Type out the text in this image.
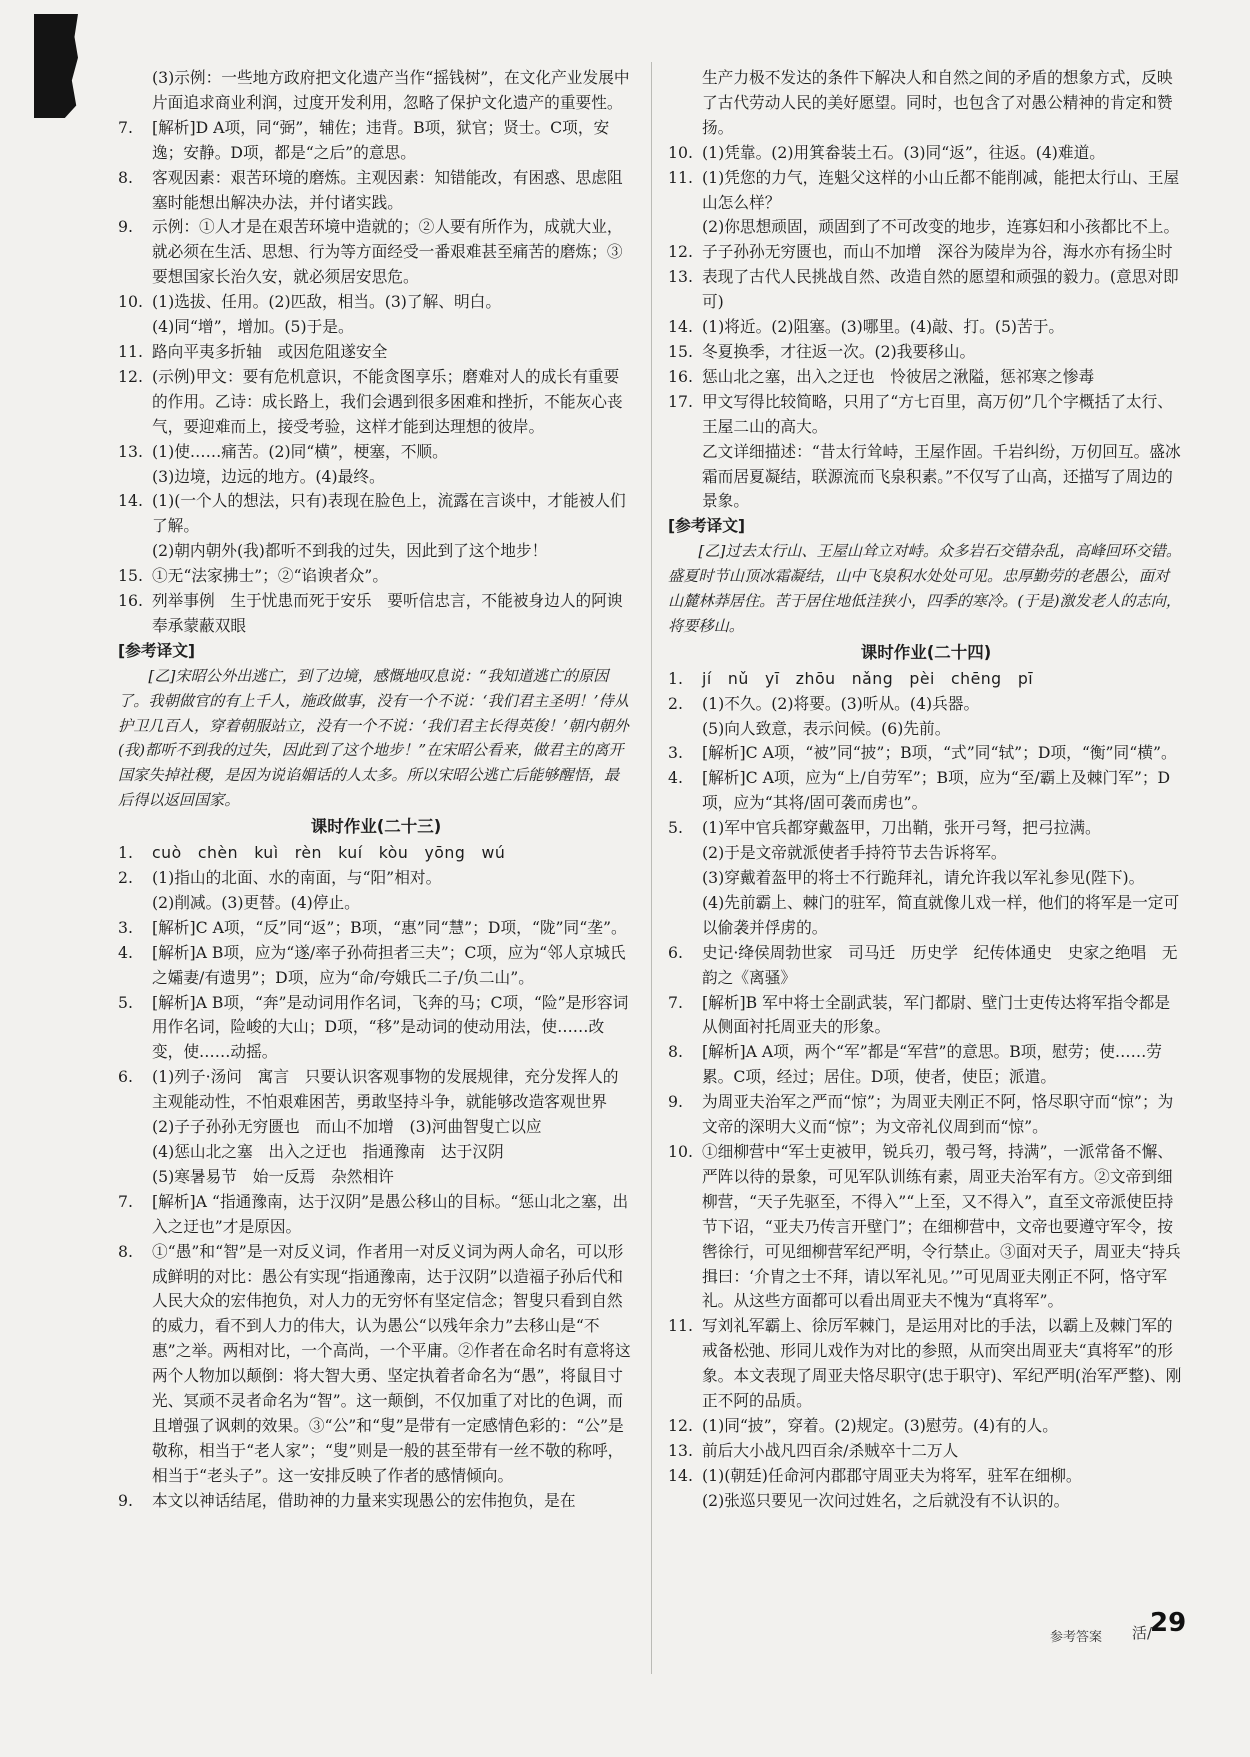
(3)示例：一些地方政府把文化遗产当作“摇钱树”，在文化产业发展中片面追求商业利润，过度开发利用，忽略了保护文化遗产的重要性。
7. [解析]D A项，同“弼”，辅佐；违背。B项，狱官；贤士。C项，安逸；安静。D项，都是“之后”的意思。
8. 客观因素：艰苦环境的磨炼。主观因素：知错能改，有困惑、思虑阻塞时能想出解决办法，并付诸实践。
9. 示例：①人才是在艰苦环境中造就的；②人要有所作为，成就大业，就必须在生活、思想、行为等方面经受一番艰难甚至痛苦的磨炼；③要想国家长治久安，就必须居安思危。
10. (1)选拔、任用。(2)匹敌，相当。(3)了解、明白。
(4)同“增”，增加。(5)于是。
11. 路向平夷多折轴　或因危阻遂安全
12. (示例)甲文：要有危机意识，不能贪图享乐；磨难对人的成长有重要的作用。乙诗：成长路上，我们会遇到很多困难和挫折，不能灰心丧气，要迎难而上，接受考验，这样才能到达理想的彼岸。
13. (1)使……痛苦。(2)同“横”，梗塞，不顺。
(3)边境，边远的地方。(4)最终。
14. (1)(一个人的想法，只有)表现在脸色上，流露在言谈中，才能被人们了解。
(2)朝内朝外(我)都听不到我的过失，因此到了这个地步！
15. ①无“法家拂士”；②“谄谀者众”。
16. 列举事例　生于忧患而死于安乐　要听信忠言，不能被身边人的阿谀奉承蒙蔽双眼
[参考译文]
[乙]宋昭公外出逃亡，到了边境，感慨地叹息说：“我知道逃亡的原因了。我朝做官的有上千人，施政做事，没有一个不说：‘我们君主圣明！’侍从护卫几百人，穿着朝服站立，没有一个不说：‘我们君主长得英俊！’朝内朝外(我)都听不到我的过失，因此到了这个地步！”在宋昭公看来，做君主的离开国家失掉社稷，是因为说谄媚话的人太多。所以宋昭公逃亡后能够醒悟，最后得以返回国家。
课时作业(二十三)
1. cuò　chèn　kuì　rèn　kuí　kòu　yōng　wú
2. (1)指山的北面、水的南面，与“阳”相对。
(2)削减。(3)更替。(4)停止。
3. [解析]C A项，“反”同“返”；B项，“惠”同“慧”；D项，“陇”同“垄”。
4. [解析]A B项，应为“遂/率子孙荷担者三夫”；C项，应为“邻人京城氏之孀妻/有遗男”；D项，应为“命/夸娥氏二子/负二山”。
5. [解析]A B项，“奔”是动词用作名词，飞奔的马；C项，“险”是形容词用作名词，险峻的大山；D项，“移”是动词的使动用法，使……改变，使……动摇。
6. (1)列子·汤问　寓言　只要认识客观事物的发展规律，充分发挥人的主观能动性，不怕艰难困苦，勇敢坚持斗争，就能够改造客观世界
(2)子子孙孙无穷匮也　而山不加增　(3)河曲智叟亡以应
(4)惩山北之塞　出入之迂也　指通豫南　达于汉阴
(5)寒暑易节　始一反焉　杂然相许
7. [解析]A “指通豫南，达于汉阴”是愚公移山的目标。“惩山北之塞，出入之迂也”才是原因。
8. ①“愚”和“智”是一对反义词，作者用一对反义词为两人命名，可以形成鲜明的对比：愚公有实现“指通豫南，达于汉阴”以造福子孙后代和人民大众的宏伟抱负，对人力的无穷怀有坚定信念；智叟只看到自然的威力，看不到人力的伟大，认为愚公“以残年余力”去移山是“不惠”之举。两相对比，一个高尚，一个平庸。②作者在命名时有意将这两个人物加以颠倒：将大智大勇、坚定执着者命名为“愚”，将鼠目寸光、冥顽不灵者命名为“智”。这一颠倒，不仅加重了对比的色调，而且增强了讽刺的效果。③“公”和“叟”是带有一定感情色彩的：“公”是敬称，相当于“老人家”；“叟”则是一般的甚至带有一丝不敬的称呼，相当于“老头子”。这一安排反映了作者的感情倾向。
9. 本文以神话结尾，借助神的力量来实现愚公的宏伟抱负，是在
生产力极不发达的条件下解决人和自然之间的矛盾的想象方式，反映了古代劳动人民的美好愿望。同时，也包含了对愚公精神的肯定和赞扬。
10. (1)凭靠。(2)用箕畚装土石。(3)同“返”，往返。(4)难道。
11. (1)凭您的力气，连魁父这样的小山丘都不能削减，能把太行山、王屋山怎么样？
(2)你思想顽固，顽固到了不可改变的地步，连寡妇和小孩都比不上。
12. 子子孙孙无穷匮也，而山不加增　深谷为陵岸为谷，海水亦有扬尘时
13. 表现了古代人民挑战自然、改造自然的愿望和顽强的毅力。(意思对即可)
14. (1)将近。(2)阻塞。(3)哪里。(4)敲、打。(5)苦于。
15. 冬夏换季，才往返一次。(2)我要移山。
16. 惩山北之塞，出入之迂也　怜彼居之湫隘，惩祁寒之惨毒
17. 甲文写得比较简略，只用了“方七百里，高万仞”几个字概括了太行、王屋二山的高大。
乙文详细描述：“昔太行耸峙，王屋作固。千岩纠纷，万仞回互。盛冰霜而居夏凝结，联源流而飞泉积素。”不仅写了山高，还描写了周边的景象。
[参考译文]
[乙]过去太行山、王屋山耸立对峙。众多岩石交错杂乱，高峰回环交错。盛夏时节山顶冰霜凝结，山中飞泉积水处处可见。忠厚勤劳的老愚公，面对山麓林莽居住。苦于居住地低洼狭小，四季的寒冷。(于是)激发老人的志向，将要移山。
课时作业(二十四)
1. jí　nǔ　yī　zhōu　nǎng　pèi　chēng　pī
2. (1)不久。(2)将要。(3)听从。(4)兵器。
(5)向人致意，表示问候。(6)先前。
3. [解析]C A项，“被”同“披”；B项，“式”同“轼”；D项，“衡”同“横”。
4. [解析]C A项，应为“上/自劳军”；B项，应为“至/霸上及棘门军”；D项，应为“其将/固可袭而虏也”。
5. (1)军中官兵都穿戴盔甲，刀出鞘，张开弓弩，把弓拉满。
(2)于是文帝就派使者手持符节去告诉将军。
(3)穿戴着盔甲的将士不行跪拜礼，请允许我以军礼参见(陛下)。
(4)先前霸上、棘门的驻军，简直就像儿戏一样，他们的将军是一定可以偷袭并俘虏的。
6. 史记·绛侯周勃世家　司马迁　历史学　纪传体通史　史家之绝唱　无韵之《离骚》
7. [解析]B 军中将士全副武装，军门都尉、壁门士吏传达将军指令都是从侧面衬托周亚夫的形象。
8. [解析]A A项，两个“军”都是“军营”的意思。B项，慰劳；使……劳累。C项，经过；居住。D项，使者，使臣；派遣。
9. 为周亚夫治军之严而“惊”；为周亚夫刚正不阿，恪尽职守而“惊”；为文帝的深明大义而“惊”；为文帝礼仪周到而“惊”。
10. ①细柳营中“军士吏被甲，锐兵刃，彀弓弩，持满”，一派常备不懈、严阵以待的景象，可见军队训练有素，周亚夫治军有方。②文帝到细柳营，“天子先驱至，不得入”“上至，又不得入”，直至文帝派使臣持节下诏，“亚夫乃传言开壁门”；在细柳营中，文帝也要遵守军令，按辔徐行，可见细柳营军纪严明，令行禁止。③面对天子，周亚夫“持兵揖曰：‘介胄之士不拜，请以军礼见。’”可见周亚夫刚正不阿，恪守军礼。从这些方面都可以看出周亚夫不愧为“真将军”。
11. 写刘礼军霸上、徐厉军棘门，是运用对比的手法，以霸上及棘门军的戒备松弛、形同儿戏作为对比的参照，从而突出周亚夫“真将军”的形象。本文表现了周亚夫恪尽职守(忠于职守)、军纪严明(治军严整)、刚正不阿的品质。
12. (1)同“披”，穿着。(2)规定。(3)慰劳。(4)有的人。
13. 前后大小战凡四百余/杀贼卒十二万人
14. (1)(朝廷)任命河内郡郡守周亚夫为将军，驻军在细柳。
(2)张巡只要见一次问过姓名，之后就没有不认识的。
参考答案 活/
29
